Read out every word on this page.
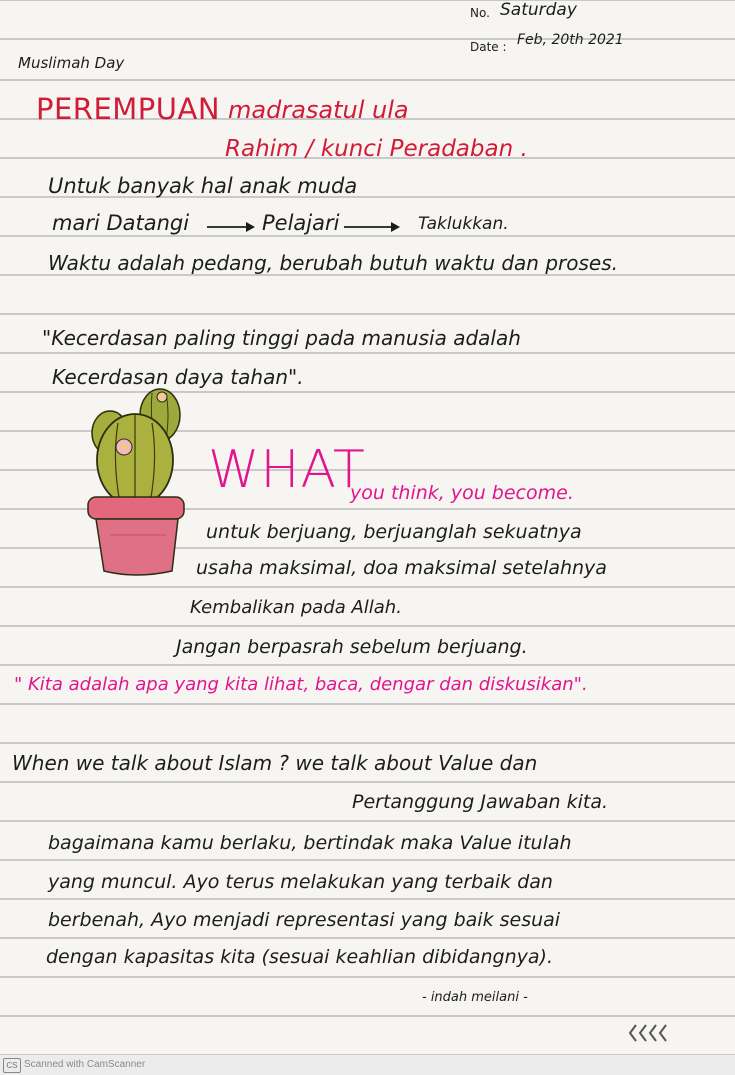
No. Saturday
Date : Feb, 20th 2021
Muslimah Day
PEREMPUAN madrasatul ula
Rahim / kunci Peradaban .
Untuk banyak hal anak muda
mari Datangi	Pelajari	Taklukkan.
Waktu adalah pedang, berubah butuh waktu dan proses.
"Kecerdasan paling tinggi pada manusia adalah
Kecerdasan daya tahan".
WHAT
you think, you become.
untuk berjuang, berjuanglah sekuatnya
usaha maksimal, doa maksimal setelahnya
Kembalikan pada Allah.
Jangan berpasrah sebelum berjuang.
" Kita adalah apa yang kita lihat, baca, dengar dan diskusikan".
When we talk about Islam ? we talk about Value dan
Pertanggung Jawaban kita.
bagaimana kamu berlaku, bertindak maka Value itulah
yang muncul. Ayo terus melakukan yang terbaik dan
berbenah, Ayo menjadi representasi yang baik sesuai
dengan kapasitas kita (sesuai keahlian dibidangnya).
- indah meilani -
CS Scanned with CamScanner
